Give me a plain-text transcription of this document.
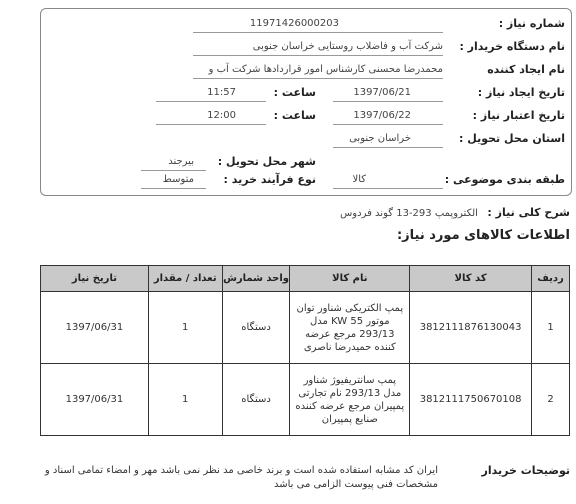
شماره نیاز :
11971426000203
نام دستگاه خریدار :
شرکت آب و فاضلاب روستایی خراسان جنوبی
نام ایجاد کننده
محمدرضا محسنی کارشناس امور قراردادها شرکت آب و
تاریخ ایجاد نیاز :
1397/06/21
ساعت :
11:57
تاریخ اعتبار نیاز :
1397/06/22
ساعت :
12:00
استان محل تحویل :
خراسان جنوبی
شهر محل تحویل :
بیرجند
طبقه بندی موضوعی :
کالا
نوع فرآیند خرید :
متوسط
شرح کلی نیاز : الکتروپمپ 293-13 گوند فردوس
اطلاعات کالاهای مورد نیاز:
ردیف	کد کالا	نام کالا	واحد شمارش	تعداد / مقدار	تاریخ نیاز
1	3812111876130043	پمپ الکتریکی شناور توان موتور 55 KW مدل 293/13 مرجع عرضه کننده حمیدرضا ناصری	دستگاه	1	1397/06/31
2	3812111750670108	پمپ سانتریفیوژ شناور مدل 293/13 نام تجارتی پمپیران مرجع عرضه کننده صنایع پمپیران	دستگاه	1	1397/06/31
توضیحات خریدار
ایران کد مشابه استفاده شده است و برند خاصی مد نظر نمی باشد مهر و امضاء تمامی اسناد و مشخصات فنی پیوست الزامی می باشد
